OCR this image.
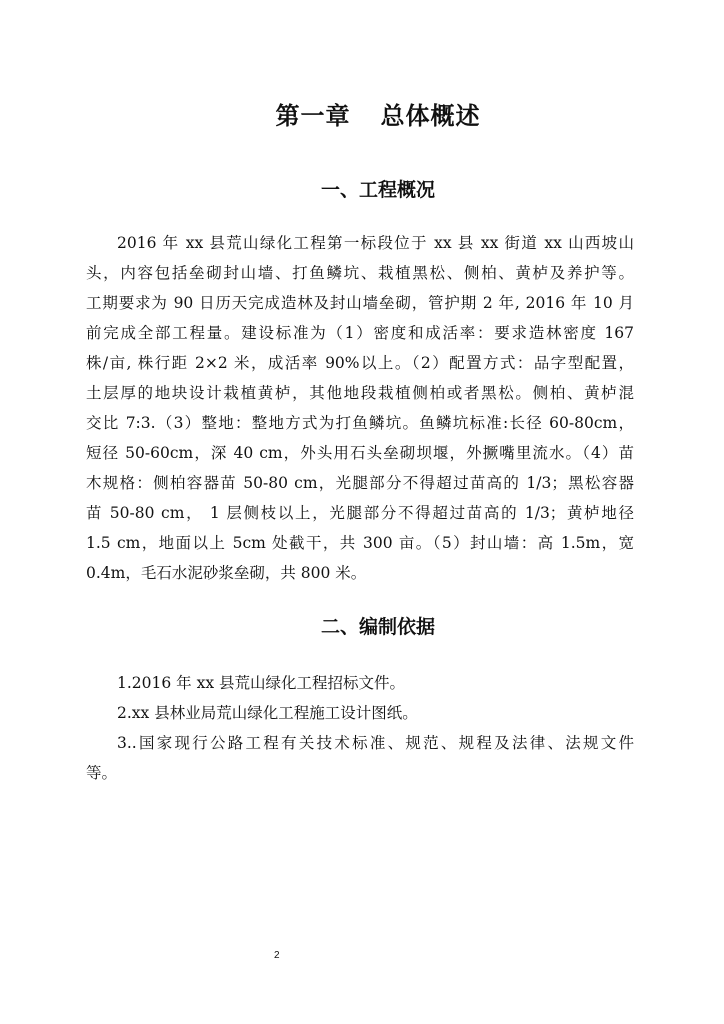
第一章 总体概述
一、工程概况
2016 年 xx 县荒山绿化工程第一标段位于 xx 县 xx 街道 xx 山西坡山
头，内容包括垒砌封山墙、打鱼鳞坑、栽植黑松、侧柏、黄栌及养护等。
工期要求为 90 日历天完成造林及封山墙垒砌，管护期 2 年, 2016 年 10 月
前完成全部工程量。建设标准为（1）密度和成活率：要求造林密度 167
株/亩, 株行距 2×2 米，成活率 90%以上。（2）配置方式：品字型配置，
土层厚的地块设计栽植黄栌，其他地段栽植侧柏或者黑松。侧柏、黄栌混
交比 7:3.（3）整地：整地方式为打鱼鳞坑。鱼鳞坑标准:长径 60-80cm，
短径 50-60cm，深 40 cm，外头用石头垒砌坝堰，外撅嘴里流水。（4）苗
木规格：侧柏容器苗 50-80 cm，光腿部分不得超过苗高的 1/3；黑松容器
苗 50-80 cm， 1 层侧枝以上，光腿部分不得超过苗高的 1/3；黄栌地径
1.5 cm，地面以上 5cm 处截干，共 300 亩。（5）封山墙：高 1.5m，宽
0.4m，毛石水泥砂浆垒砌，共 800 米。
二、编制依据
1.2016 年 xx 县荒山绿化工程招标文件。
2.xx 县林业局荒山绿化工程施工设计图纸。
3..国家现行公路工程有关技术标准、规范、规程及法律、法规文件
等。
2
